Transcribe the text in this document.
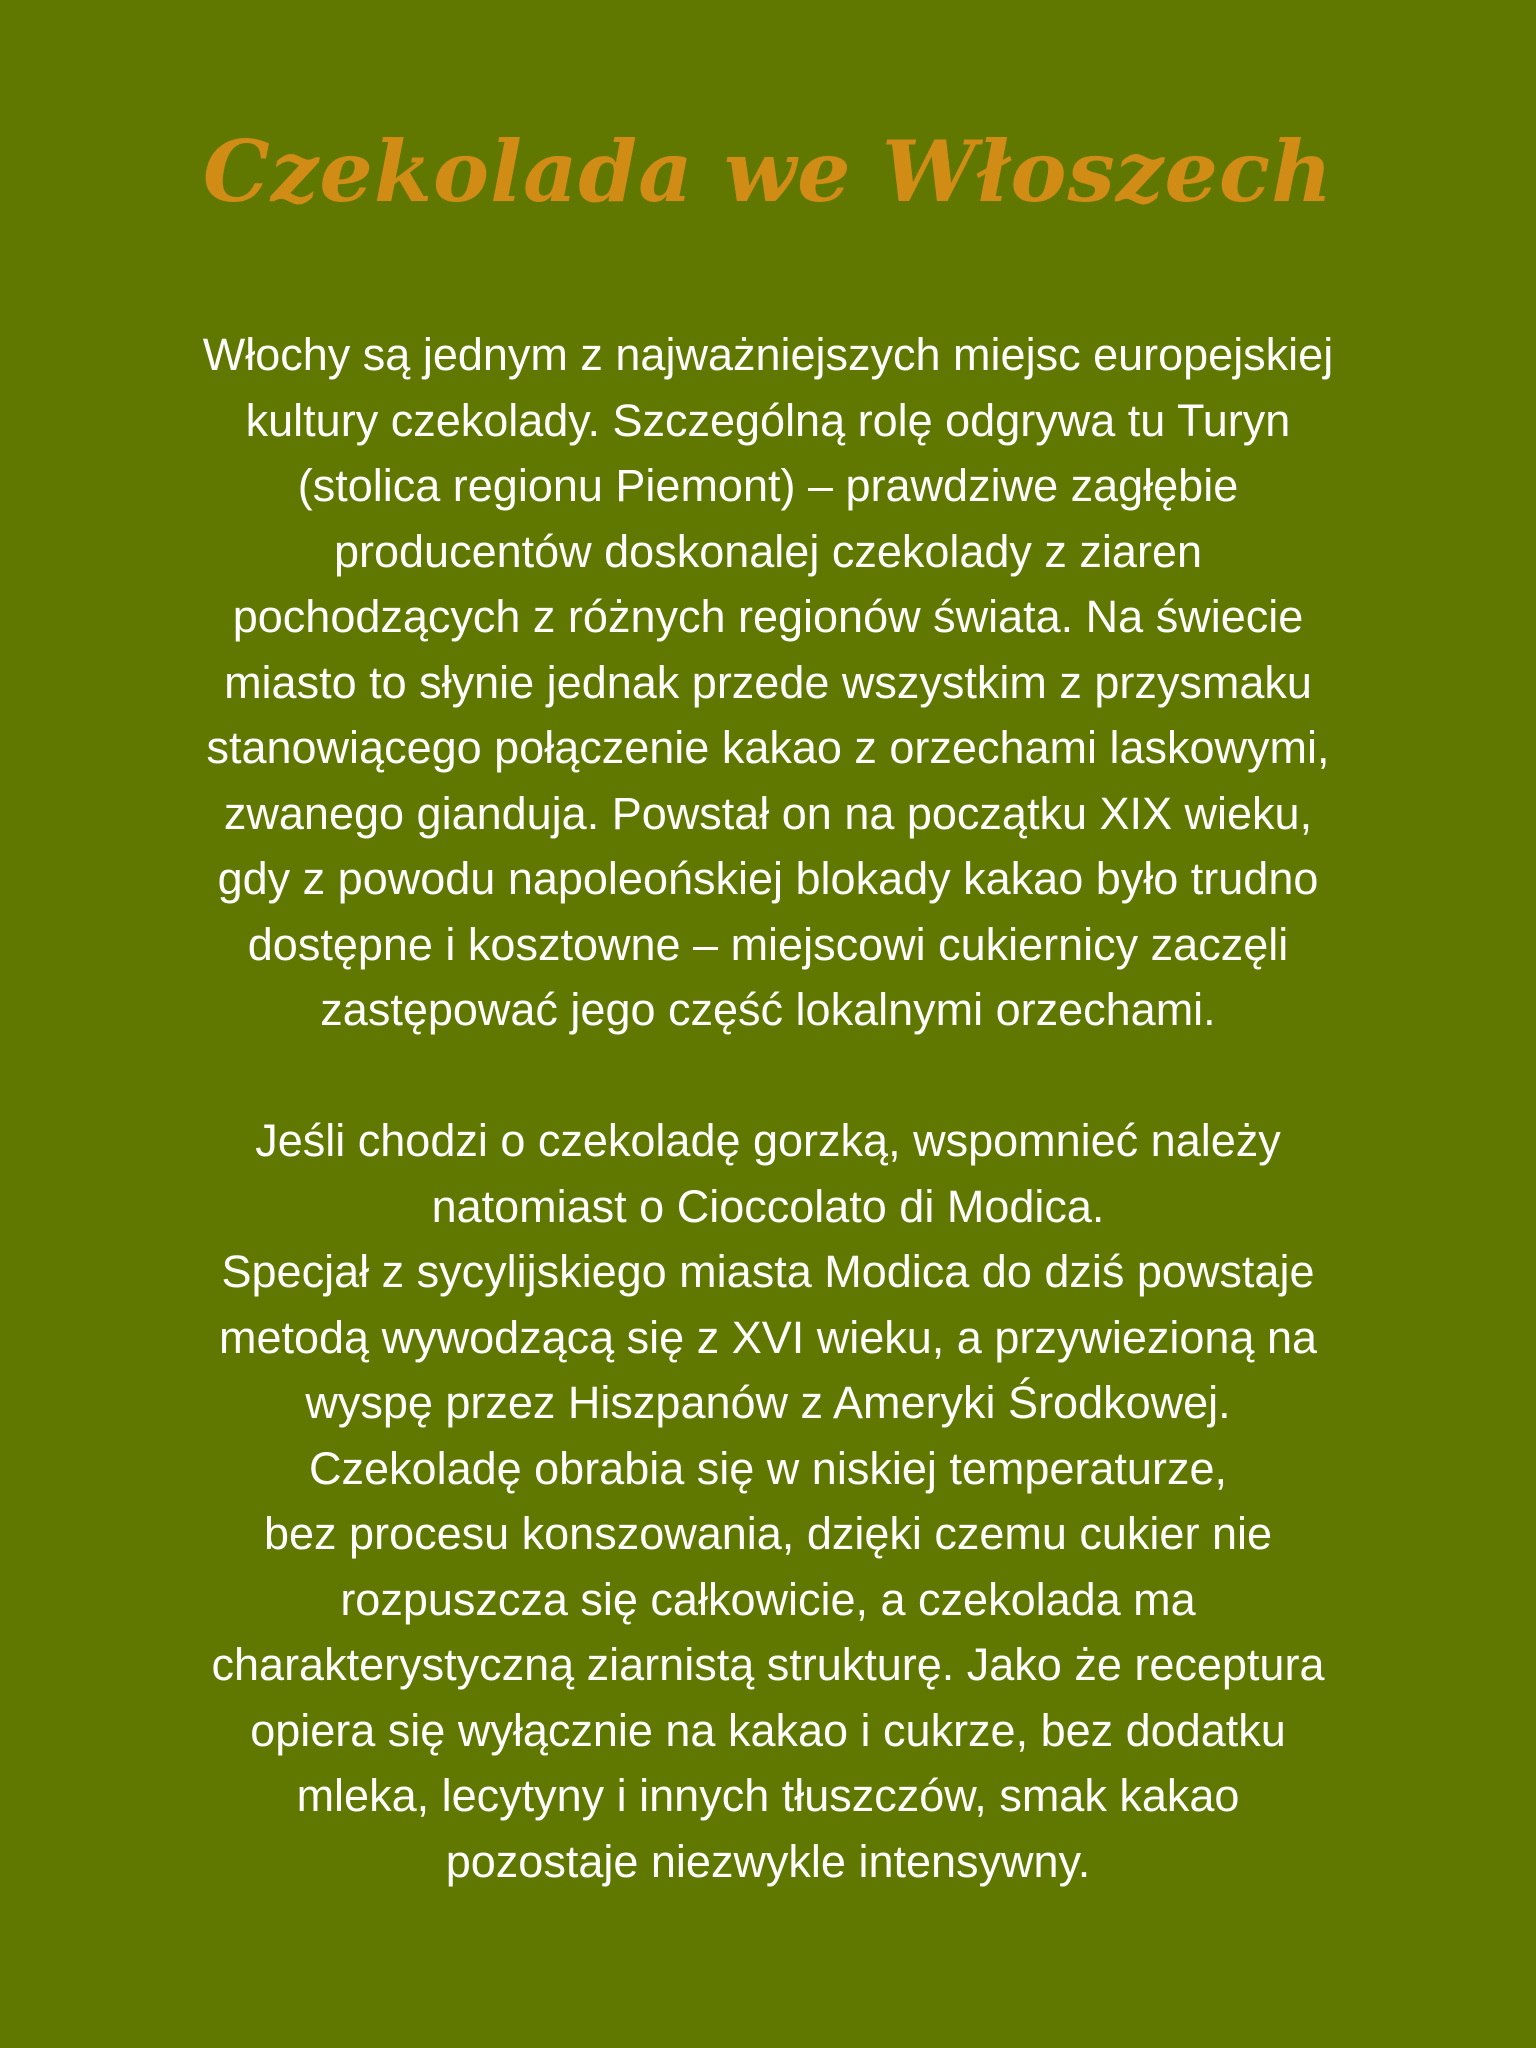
Czekolada we Włoszech
Włochy są jednym z najważniejszych miejsc europejskiej
kultury czekolady. Szczególną rolę odgrywa tu Turyn
(stolica regionu Piemont) – prawdziwe zagłębie
producentów doskonalej czekolady z ziaren
pochodzących z różnych regionów świata. Na świecie
miasto to słynie jednak przede wszystkim z przysmaku
stanowiącego połączenie kakao z orzechami laskowymi,
zwanego gianduja. Powstał on na początku XIX wieku,
gdy z powodu napoleońskiej blokady kakao było trudno
dostępne i kosztowne – miejscowi cukiernicy zaczęli
zastępować jego część lokalnymi orzechami.
Jeśli chodzi o czekoladę gorzką, wspomnieć należy
natomiast o Cioccolato di Modica.
Specjał z sycylijskiego miasta Modica do dziś powstaje
metodą wywodzącą się z XVI wieku, a przywiezioną na
wyspę przez Hiszpanów z Ameryki Środkowej.
Czekoladę obrabia się w niskiej temperaturze,
bez procesu konszowania, dzięki czemu cukier nie
rozpuszcza się całkowicie, a czekolada ma
charakterystyczną ziarnistą strukturę. Jako że receptura
opiera się wyłącznie na kakao i cukrze, bez dodatku
mleka, lecytyny i innych tłuszczów, smak kakao
pozostaje niezwykle intensywny.
